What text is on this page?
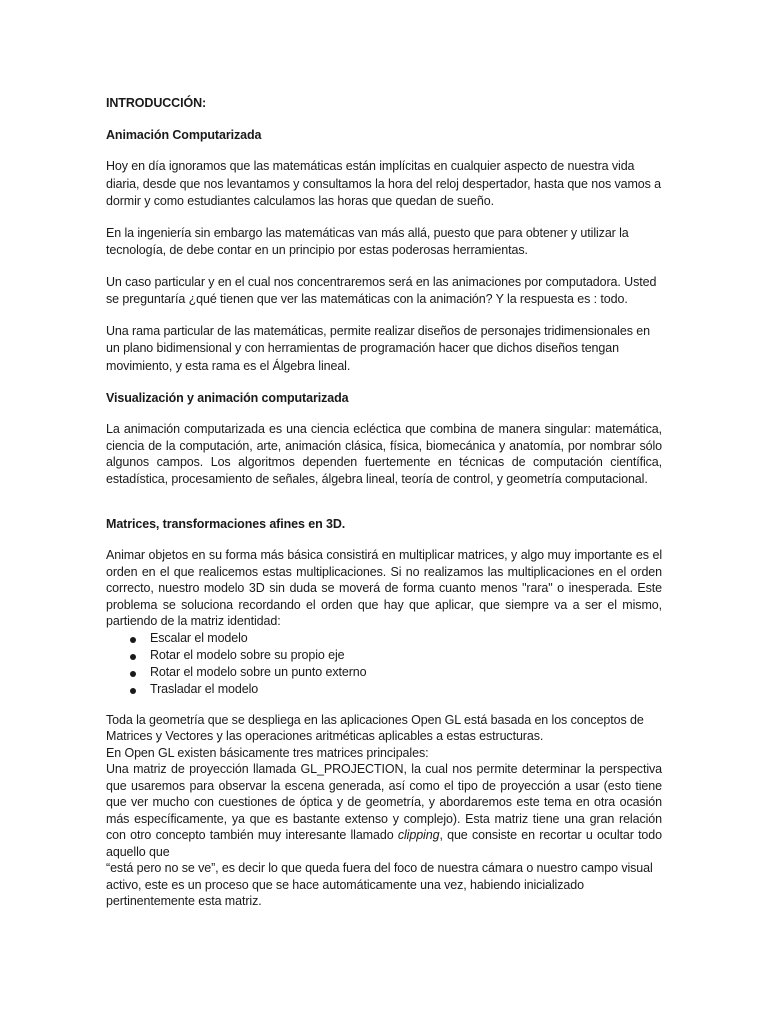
INTRODUCCIÓN:
Animación Computarizada

Hoy en día ignoramos que las matemáticas están implícitas en cualquier aspecto de nuestra vida diaria, desde que nos levantamos y consultamos la hora del reloj despertador, hasta que nos vamos a dormir y como estudiantes calculamos las horas que quedan de sueño.

En la ingeniería sin embargo las matemáticas van más allá, puesto que para obtener y utilizar la tecnología, de debe contar en un principio por estas poderosas herramientas.

Un caso particular y en el cual nos concentraremos será en las animaciones por computadora. Usted se preguntaría ¿qué tienen que ver las matemáticas con la animación? Y la respuesta es : todo.

Una rama particular de las matemáticas, permite realizar diseños de personajes tridimensionales en un plano bidimensional y con herramientas de programación hacer que dichos diseños tengan movimiento, y esta rama es el Álgebra lineal.

Visualización y animación computarizada

La animación computarizada es una ciencia ecléctica que combina de manera singular: matemática, ciencia de la computación, arte, animación clásica, física, biomecánica y anatomía, por nombrar sólo algunos campos. Los algoritmos dependen fuertemente en técnicas de computación científica, estadística, procesamiento de señales, álgebra lineal, teoría de control, y geometría computacional.

Matrices, transformaciones afines en 3D.

Animar objetos en su forma más básica consistirá en multiplicar matrices, y algo muy importante es el orden en el que realicemos estas multiplicaciones. Si no realizamos las multiplicaciones en el orden correcto, nuestro modelo 3D sin duda se moverá de forma cuanto menos "rara" o inesperada. Este problema se soluciona recordando el orden que hay que aplicar, que siempre va a ser el mismo, partiendo de la matriz identidad:

Escalar el modelo
Rotar el modelo sobre su propio eje
Rotar el modelo sobre un punto externo
Trasladar el modelo

Toda la geometría que se despliega en las aplicaciones Open GL está basada en los conceptos de Matrices y Vectores y las operaciones aritméticas aplicables a estas estructuras.

En Open GL existen básicamente tres matrices principales:

Una matriz de proyección llamada GL_PROJECTION, la cual nos permite determinar la perspectiva que usaremos para observar la escena generada, así como el tipo de proyección a usar (esto tiene que ver mucho con cuestiones de óptica y de geometría, y abordaremos este tema en otra ocasión más específicamente, ya que es bastante extenso y complejo). Esta matriz tiene una gran relación con otro concepto también muy interesante llamado clipping, que consiste en recortar u ocultar todo aquello que

“está pero no se ve”, es decir lo que queda fuera del foco de nuestra cámara o nuestro campo visual activo, este es un proceso que se hace automáticamente una vez, habiendo inicializado pertinentemente esta matriz.
